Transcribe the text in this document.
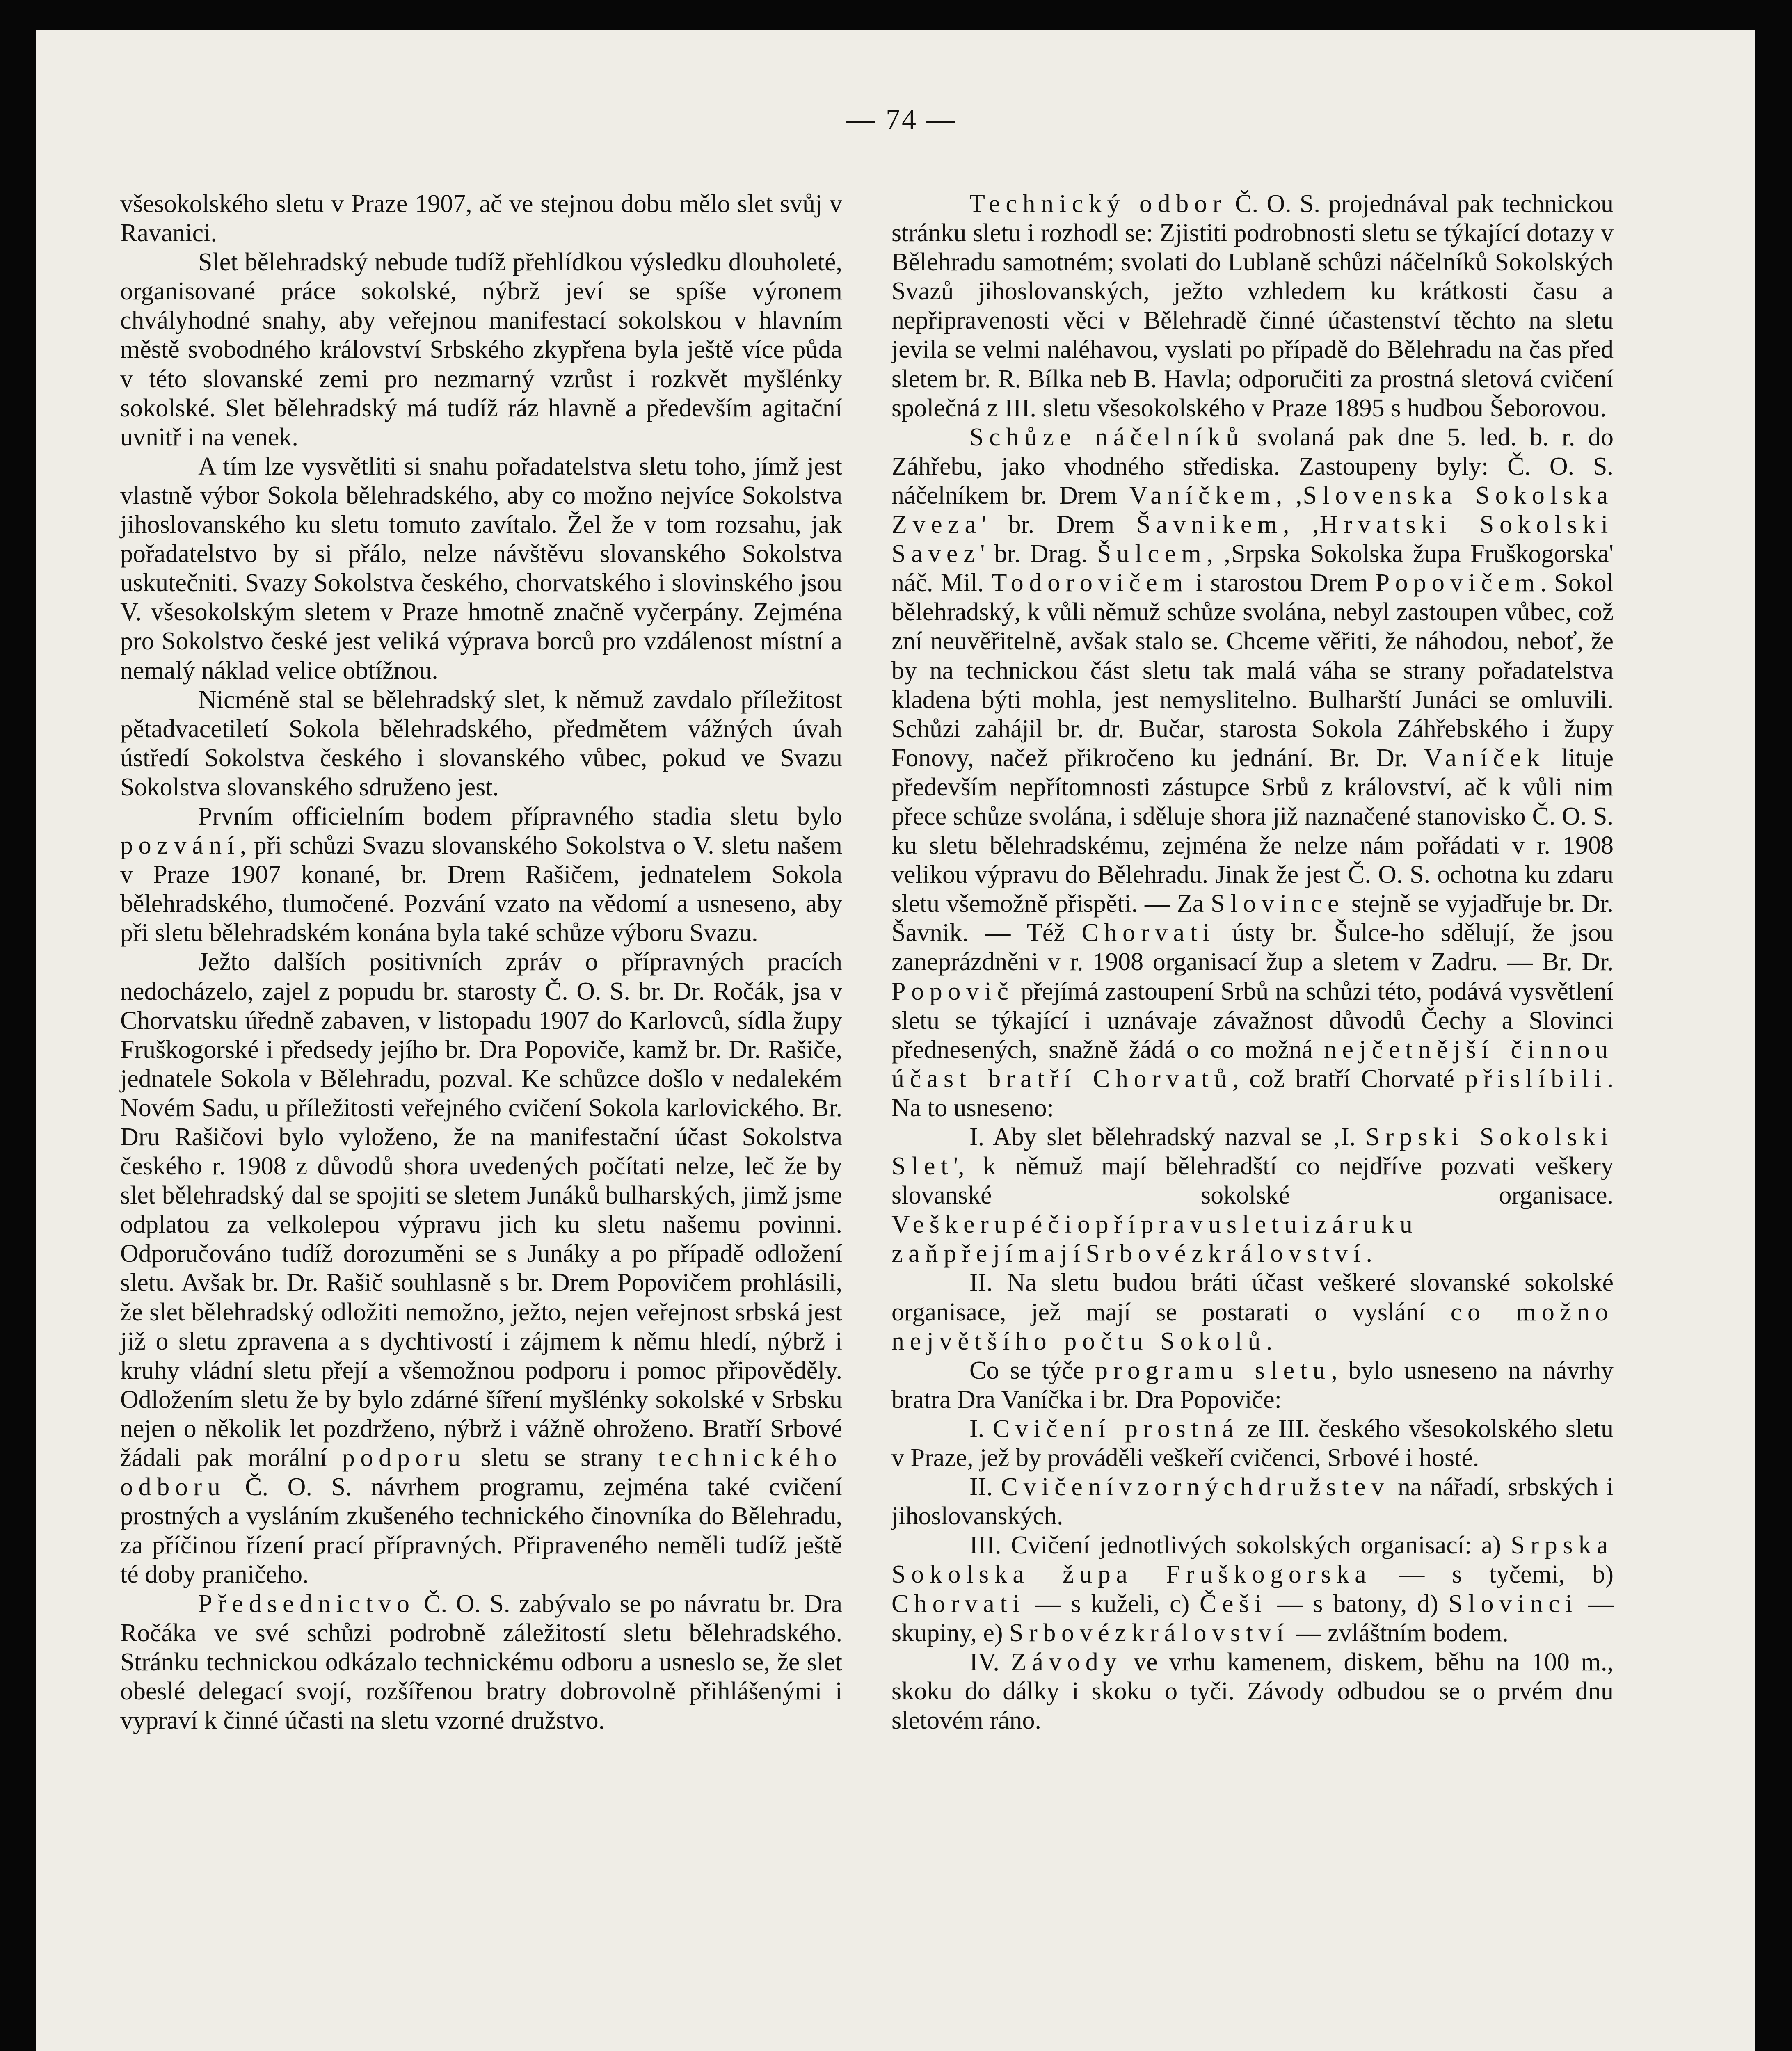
— 74 —

všesokolského sletu v Praze 1907, ač ve stejnou dobu mělo slet svůj v Ravanici.

Slet bělehradský nebude tudíž přehlídkou výsledku dlouholeté, organisované práce sokolské, nýbrž jeví se spíše výronem chvályhodné snahy, aby veřejnou manifestací sokolskou v hlavním městě svobodného království Srbského zkypřena byla ještě více půda v této slovanské zemi pro nezmarný vzrůst i rozkvět myšlénky sokolské. Slet bělehradský má tudíž ráz hlavně a především agitační uvnitř i na venek.

A tím lze vysvětliti si snahu pořadatelstva sletu toho, jímž jest vlastně výbor Sokola bělehradského, aby co možno nejvíce Sokolstva jihoslovanského ku sletu tomuto zavítalo. Žel že v tom rozsahu, jak pořadatelstvo by si přálo, nelze návštěvu slovanského Sokolstva uskutečniti. Svazy Sokolstva českého, chorvatského i slovinského jsou V. všesokolským sletem v Praze hmotně značně vyčerpány. Zejména pro Sokolstvo české jest veliká výprava borců pro vzdálenost místní a nemalý náklad velice obtížnou.

Nicméně stal se bělehradský slet, k němuž zavdalo příležitost pětadvacetiletí Sokola bělehradského, předmětem vážných úvah ústředí Sokolstva českého i slovanského vůbec, pokud ve Svazu Sokolstva slovanského sdruženo jest.

Prvním officielním bodem přípravného stadia sletu bylo pozvání, při schůzi Svazu slovanského Sokolstva o V. sletu našem v Praze 1907 konané, br. Drem Rašičem, jednatelem Sokola bělehradského, tlumočené. Pozvání vzato na vědomí a usneseno, aby při sletu bělehradském konána byla také schůze výboru Svazu.

Ježto dalších positivních zpráv o přípravných pracích nedocházelo, zajel z popudu br. starosty Č. O. S. br. Dr. Ročák, jsa v Chorvatsku úředně zabaven, v listopadu 1907 do Karlovců, sídla župy Fruškogorské i předsedy jejího br. Dra Popoviče, kamž br. Dr. Rašiče, jednatele Sokola v Bělehradu, pozval. Ke schůzce došlo v nedalekém Novém Sadu, u příležitosti veřejného cvičení Sokola karlovického. Br. Dru Rašičovi bylo vyloženo, že na manifestační účast Sokolstva českého r. 1908 z důvodů shora uvedených počítati nelze, leč že by slet bělehradský dal se spojiti se sletem Junáků bulharských, jimž jsme odplatou za velkolepou výpravu jich ku sletu našemu povinni. Odporučováno tudíž dorozuměni se s Junáky a po případě odložení sletu. Avšak br. Dr. Rašič souhlasně s br. Drem Popovičem prohlásili, že slet bělehradský odložiti nemožno, ježto, nejen veřejnost srbská jest již o sletu zpravena a s dychtivostí i zájmem k němu hledí, nýbrž i kruhy vládní sletu přejí a všemožnou podporu i pomoc připověděly. Odložením sletu že by bylo zdárné šíření myšlénky sokolské v Srbsku nejen o několik let pozdrženo, nýbrž i vážně ohroženo. Bratří Srbové žádali pak morální podporu sletu se strany technického odboru Č. O. S. návrhem programu, zejména také cvičení prostných a vysláním zkušeného technického činovníka do Bělehradu, za příčinou řízení prací přípravných. Připraveného neměli tudíž ještě té doby praničeho.

Předsednictvo Č. O. S. zabývalo se po návratu br. Dra Ročáka ve své schůzi podrobně záležitostí sletu bělehradského. Stránku technickou odkázalo technickému odboru a usneslo se, že slet obeslé delegací svojí, rozšířenou bratry dobrovolně přihlášenými i vypraví k činné účasti na sletu vzorné družstvo.

Technický odbor Č. O. S. projednával pak technickou stránku sletu i rozhodl se: Zjistiti podrobnosti sletu se týkající dotazy v Bělehradu samotném; svolati do Lublaně schůzi náčelníků Sokolských Svazů jihoslovanských, ježto vzhledem ku krátkosti času a nepřipravenosti věci v Bělehradě činné účastenství těchto na sletu jevila se velmi naléhavou, vyslati po případě do Bělehradu na čas před sletem br. R. Bílka neb B. Havla; odporučiti za prostná sletová cvičení společná z III. sletu všesokolského v Praze 1895 s hudbou Šeborovou.

Schůze náčelníků svolaná pak dne 5. led. b. r. do Záhřebu, jako vhodného střediska. Zastoupeny byly: Č. O. S. náčelníkem br. Drem Vaníčkem, ‚Slovenska Sokolska Zveza' br. Drem Šavnikem, ‚Hrvatski Sokolski Savez' br. Drag. Šulcem, ‚Srpska Sokolska župa Fruškogorska' náč. Mil. Todorovičem i starostou Drem Popovičem. Sokol bělehradský, k vůli němuž schůze svolána, nebyl zastoupen vůbec, což zní neuvěřitelně, avšak stalo se. Chceme věřiti, že náhodou, neboť, že by na technickou část sletu tak malá váha se strany pořadatelstva kladena býti mohla, jest nemyslitelno. Bulharští Junáci se omluvili. Schůzi zahájil br. dr. Bučar, starosta Sokola Záhřebského i župy Fonovy, načež přikročeno ku jednání. Br. Dr. Vaníček lituje především nepřítomnosti zástupce Srbů z království, ač k vůli nim přece schůze svolána, i sděluje shora již naznačené stanovisko Č. O. S. ku sletu bělehradskému, zejména že nelze nám pořádati v r. 1908 velikou výpravu do Bělehradu. Jinak že jest Č. O. S. ochotna ku zdaru sletu všemožně přispěti. — Za Slovince stejně se vyjadřuje br. Dr. Šavnik. — Též Chorvati ústy br. Šulce-ho sdělují, že jsou zaneprázdněni v r. 1908 organisací žup a sletem v Zadru. — Br. Dr. Popovič přejímá zastoupení Srbů na schůzi této, podává vysvětlení sletu se týkající i uznávaje závažnost důvodů Čechy a Slovinci přednesených, snažně žádá o co možná nejčetnější činnou účast bratří Chorvatů, což bratří Chorvaté přislíbili. Na to usneseno:

I. Aby slet bělehradský nazval se ‚I. Srpski Sokolski Slet', k němuž mají bělehradští co nejdříve pozvati veškery slovanské sokolské organisace. Veškerupéčiopřípravusletuizáruku zaňpřejímajíSrbovézkrálovství.

II. Na sletu budou bráti účast veškeré slovanské sokolské organisace, jež mají se postarati o vyslání co možno největšího počtu Sokolů.

Co se týče programu sletu, bylo usneseno na návrhy bratra Dra Vaníčka i br. Dra Popoviče:

I. Cvičení prostná ze III. českého všesokolského sletu v Praze, jež by prováděli veškeří cvičenci, Srbové i hosté.

II. Cvičenívzornýchdružstev na nářadí, srbských i jihoslovanských.

III. Cvičení jednotlivých sokolských organisací: a) Srpska Sokolska župa Fruškogorska — s tyčemi, b) Chorvati — s kuželi, c) Češi — s batony, d) Slovinci — skupiny, e) Srbovézkrálovství — zvláštním bodem.

IV. Závody ve vrhu kamenem, diskem, běhu na 100 m., skoku do dálky i skoku o tyči. Závody odbudou se o prvém dnu sletovém ráno.
